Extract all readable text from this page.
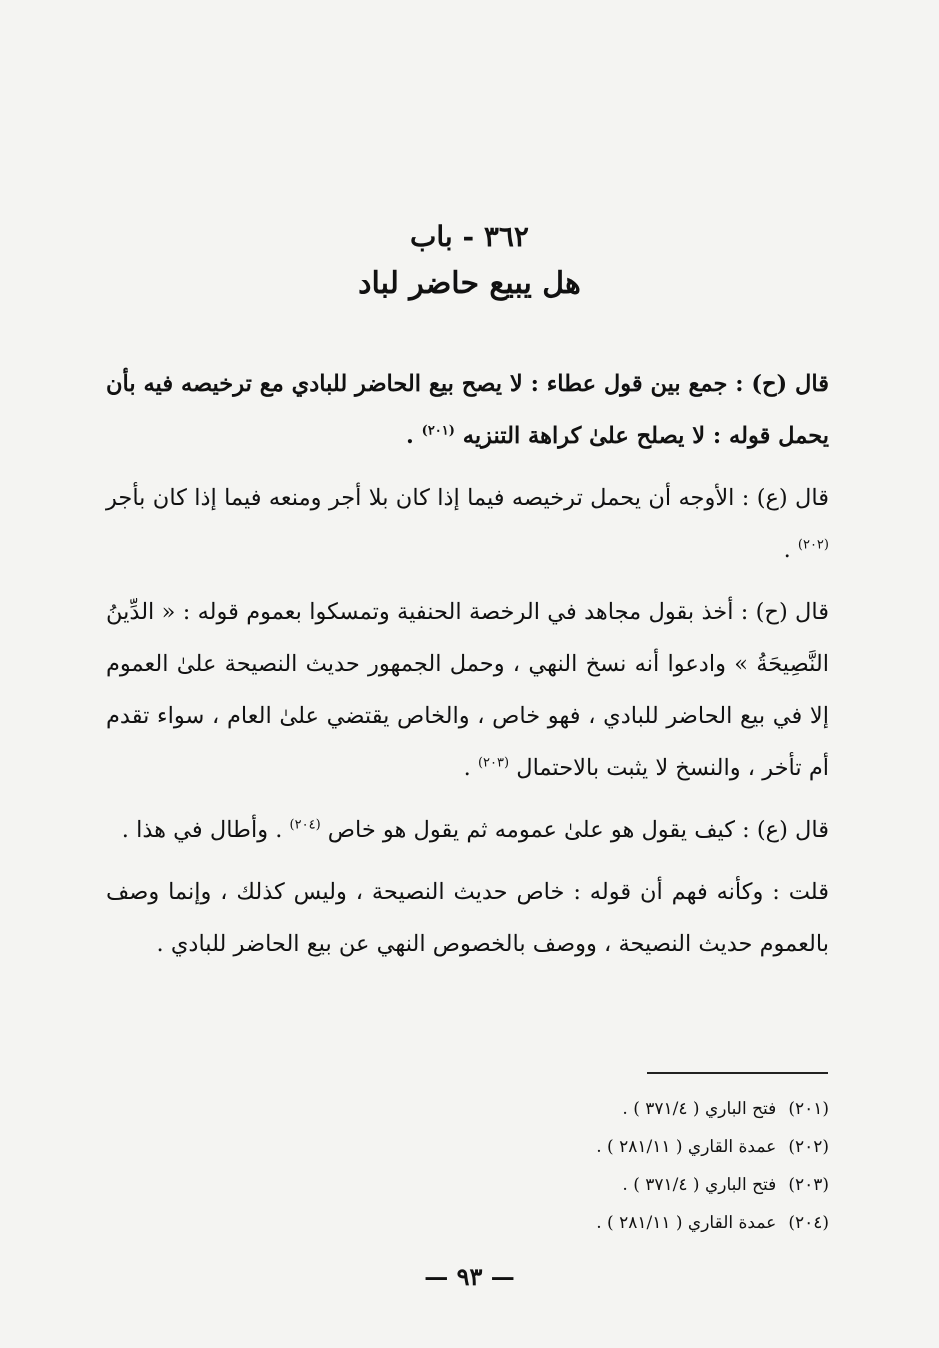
٣٦٢ - باب
هل يبيع حاضر لباد

قال (ح) : جمع بين قول عطاء : لا يصح بيع الحاضر للبادي مع ترخيصه فيه بأن يحمل قوله : لا يصلح علىٰ كراهة التنزيه $^{(٢٠١)}$ .

قال (ع) : الأوجه أن يحمل ترخيصه فيما إذا كان بلا أجر ومنعه فيما إذا كان بأجر $^{(٢٠٢)}$ .

قال (ح) : أخذ بقول مجاهد في الرخصة الحنفية وتمسكوا بعموم قوله : « الدِّينُ النَّصِيحَةُ » وادعوا أنه نسخ النهي ، وحمل الجمهور حديث النصيحة علىٰ العموم إلا في بيع الحاضر للبادي ، فهو خاص ، والخاص يقتضي علىٰ العام ، سواء تقدم أم تأخر ، والنسخ لا يثبت بالاحتمال $^{(٢٠٣)}$ .

قال (ع) : كيف يقول هو علىٰ عمومه ثم يقول هو خاص $^{(٢٠٤)}$ . وأطال في هذا .

قلت : وكأنه فهم أن قوله : خاص حديث النصيحة ، وليس كذلك ، وإنما وصف بالعموم حديث النصيحة ، ووصف بالخصوص النهي عن بيع الحاضر للبادي .

(٢٠١)فتح الباري ( ٣٧١/٤ ) .
(٢٠٢)عمدة القاري ( ٢٨١/١١ ) .
(٢٠٣)فتح الباري ( ٣٧١/٤ ) .
(٢٠٤)عمدة القاري ( ٢٨١/١١ ) .
— ٩٣ —
